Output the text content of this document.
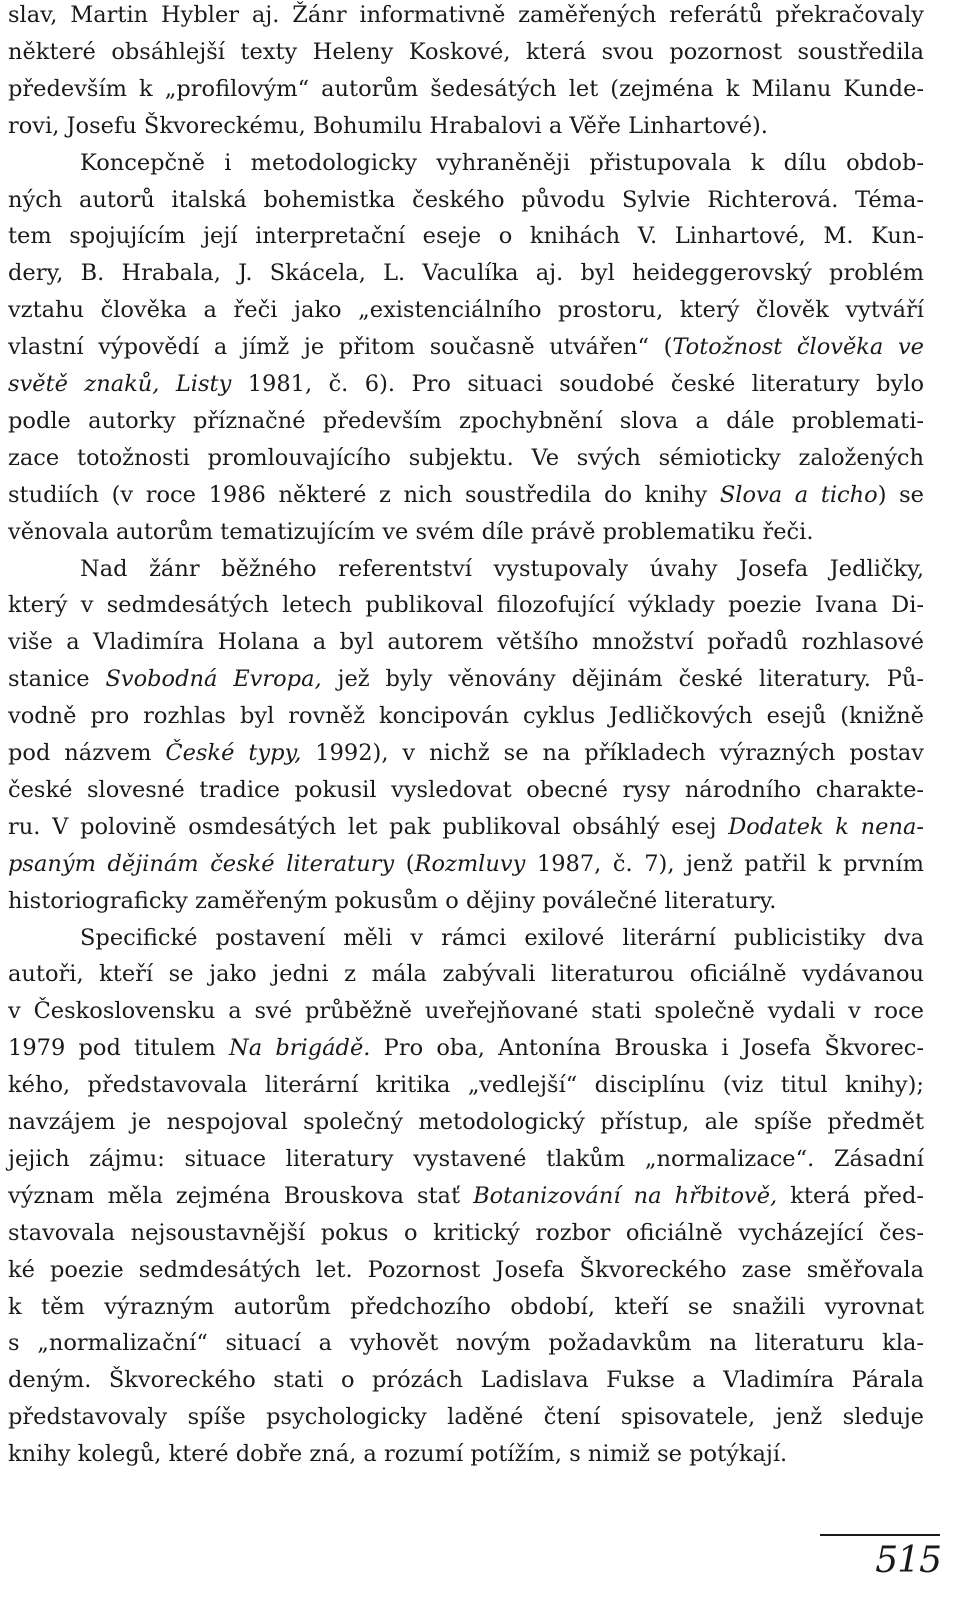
slav, Martin Hybler aj. Žánr informativně zaměřených referátů překračovaly
některé obsáhlejší texty Heleny Koskové, která svou pozornost soustředila
především k „profilovým“ autorům šedesátých let (zejména k Milanu Kunde-
rovi, Josefu Škvoreckému, Bohumilu Hrabalovi a Věře Linhartové).
Koncepčně i metodologicky vyhraněněji přistupovala k dílu obdob-
ných autorů italská bohemistka českého původu Sylvie Richterová. Téma-
tem spojujícím její interpretační eseje o knihách V. Linhartové, M. Kun-
dery, B. Hrabala, J. Skácela, L. Vaculíka aj. byl heideggerovský problém
vztahu člověka a řeči jako „existenciálního prostoru, který člověk vytváří
vlastní výpovědí a jímž je přitom současně utvářen“ (Totožnost člověka ve
světě znaků, Listy 1981, č. 6). Pro situaci soudobé české literatury bylo
podle autorky příznačné především zpochybnění slova a dále problemati-
zace totožnosti promlouvajícího subjektu. Ve svých sémioticky založených
studiích (v roce 1986 některé z nich soustředila do knihy Slova a ticho) se
věnovala autorům tematizujícím ve svém díle právě problematiku řeči.
Nad žánr běžného referentství vystupovaly úvahy Josefa Jedličky,
který v sedmdesátých letech publikoval filozofující výklady poezie Ivana Di-
više a Vladimíra Holana a byl autorem většího množství pořadů rozhlasové
stanice Svobodná Evropa, jež byly věnovány dějinám české literatury. Pů-
vodně pro rozhlas byl rovněž koncipován cyklus Jedličkových esejů (knižně
pod názvem České typy, 1992), v nichž se na příkladech výrazných postav
české slovesné tradice pokusil vysledovat obecné rysy národního charakte-
ru. V polovině osmdesátých let pak publikoval obsáhlý esej Dodatek k nena-
psaným dějinám české literatury (Rozmluvy 1987, č. 7), jenž patřil k prvním
historiograficky zaměřeným pokusům o dějiny poválečné literatury.
Specifické postavení měli v rámci exilové literární publicistiky dva
autoři, kteří se jako jedni z mála zabývali literaturou oficiálně vydávanou
v Československu a své průběžně uveřejňované stati společně vydali v roce
1979 pod titulem Na brigádě. Pro oba, Antonína Brouska i Josefa Škvorec-
kého, představovala literární kritika „vedlejší“ disciplínu (viz titul knihy);
navzájem je nespojoval společný metodologický přístup, ale spíše předmět
jejich zájmu: situace literatury vystavené tlakům „normalizace“. Zásadní
význam měla zejména Brouskova stať Botanizování na hřbitově, která před-
stavovala nejsoustavnější pokus o kritický rozbor oficiálně vycházející čes-
ké poezie sedmdesátých let. Pozornost Josefa Škvoreckého zase směřovala
k těm výrazným autorům předchozího období, kteří se snažili vyrovnat
s „normalizační“ situací a vyhovět novým požadavkům na literaturu kla-
deným. Škvoreckého stati o prózách Ladislava Fukse a Vladimíra Párala
představovaly spíše psychologicky laděné čtení spisovatele, jenž sleduje
knihy kolegů, které dobře zná, a rozumí potížím, s nimiž se potýkají.
515
